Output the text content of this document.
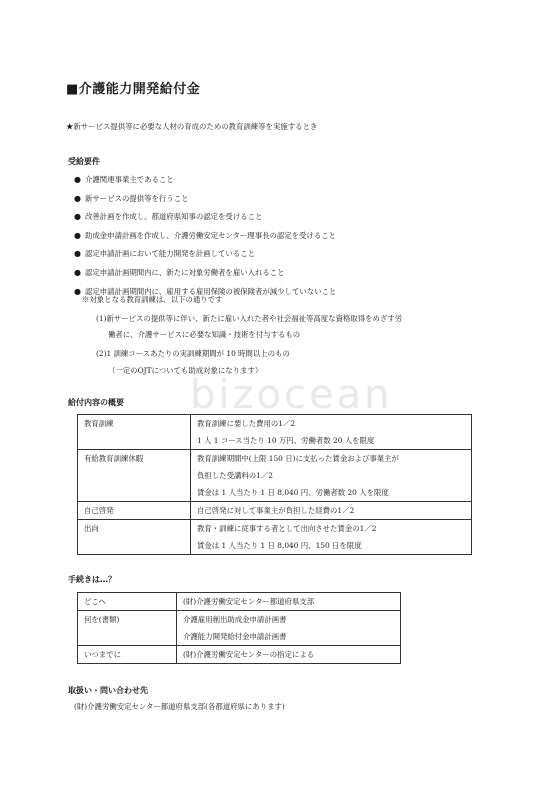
bizocean
■介護能力開発給付金
★新サービス提供等に必要な人材の育成のための教育訓練等を実施するとき
受給要件
● 介護関連事業主であること
● 新サービスの提供等を行うこと
● 改善計画を作成し、都道府県知事の認定を受けること
● 助成金申請計画を作成し、介護労働安定センター理事長の認定を受けること
● 認定申請計画において能力開発を計画していること
● 認定申請計画期間内に、新たに対象労働者を雇い入れること
● 認定申請計画期間内に、雇用する雇用保険の被保険者が減少していないこと
※対象となる教育訓練は、以下の通りです
(1)新サービスの提供等に伴い、新たに雇い入れた者や社会福祉等高度な資格取得をめざす労
働者に、介護サービスに必要な知識・技術を付与するもの
(2)1 訓練コースあたりの実訓練期間が 10 時間以上のもの
（一定のOJTについても助成対象になります）
給付内容の概要
教育訓練	教育訓練に要した費用の1／2
1 人 1 コース当たり 10 万円、労働者数 20 人を限度

有給教育訓練休暇	教育訓練期間中(上限 150 日)に支払った賃金および事業主が
負担した受講料の1／2
賃金は 1 人当たり 1 日 8,040 円、労働者数 20 人を限度

自己啓発	自己啓発に対して事業主が負担した経費の1／2

出向	教育・訓練に従事する者として出向させた賃金の1／2
賃金は 1 人当たり 1 日 8,040 円、150 日を限度
手続きは…？
どこへ	(財)介護労働安定センター都道府県支部

何を(書類)	介護雇用創出助成金申請計画書
介護能力開発給付金申請計画書

いつまでに	(財)介護労働安定センターの指定による
取扱い・問い合わせ先
(財)介護労働安定センター都道府県支部(各都道府県にあります)
